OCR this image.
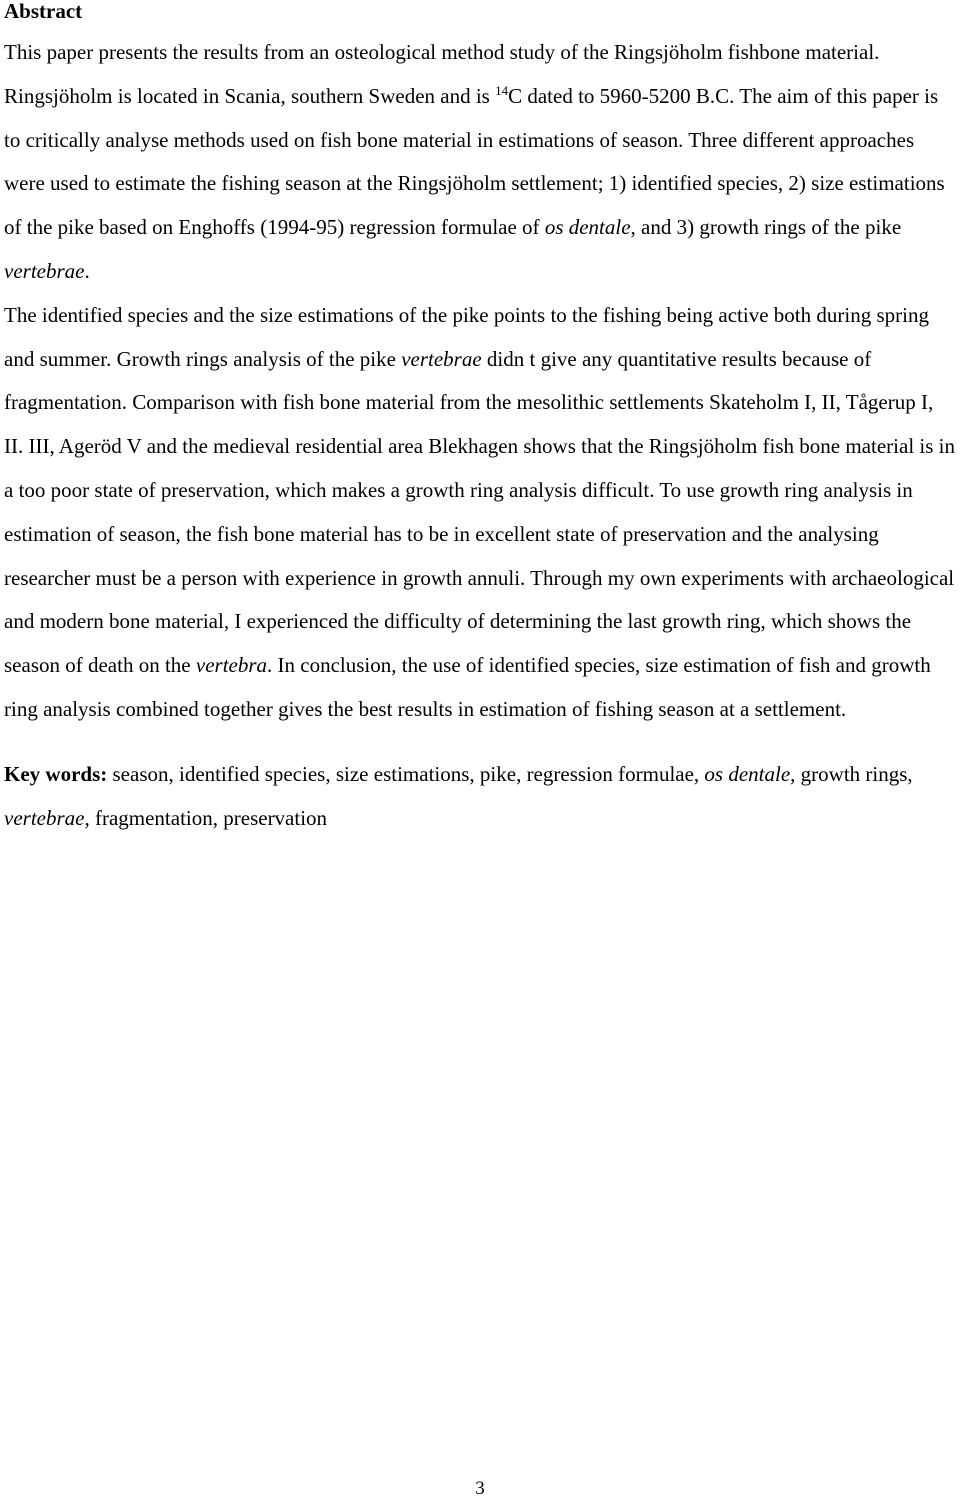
Abstract

This paper presents the results from an osteological method study of the Ringsjöholm fishbone material. Ringsjöholm is located in Scania, southern Sweden and is $^{14}$C dated to 5960-5200 B.C. The aim of this paper is to critically analyse methods used on fish bone material in estimations of season. Three different approaches were used to estimate the fishing season at the Ringsjöholm settlement; 1) identified species, 2) size estimations of the pike based on Enghoffs (1994-95) regression formulae of os dentale, and 3) growth rings of the pike vertebrae.

The identified species and the size estimations of the pike points to the fishing being active both during spring and summer. Growth rings analysis of the pike vertebrae didn t give any quantitative results because of fragmentation. Comparison with fish bone material from the mesolithic settlements Skateholm I, II, Tågerup I, II. III, Ageröd V and the medieval residential area Blekhagen shows that the Ringsjöholm fish bone material is in a too poor state of preservation, which makes a growth ring analysis difficult. To use growth ring analysis in estimation of season, the fish bone material has to be in excellent state of preservation and the analysing researcher must be a person with experience in growth annuli. Through my own experiments with archaeological and modern bone material, I experienced the difficulty of determining the last growth ring, which shows the season of death on the vertebra. In conclusion, the use of identified species, size estimation of fish and growth ring analysis combined together gives the best results in estimation of fishing season at a settlement.

Key words: season, identified species, size estimations, pike, regression formulae, os dentale, growth rings, vertebrae, fragmentation, preservation

3
